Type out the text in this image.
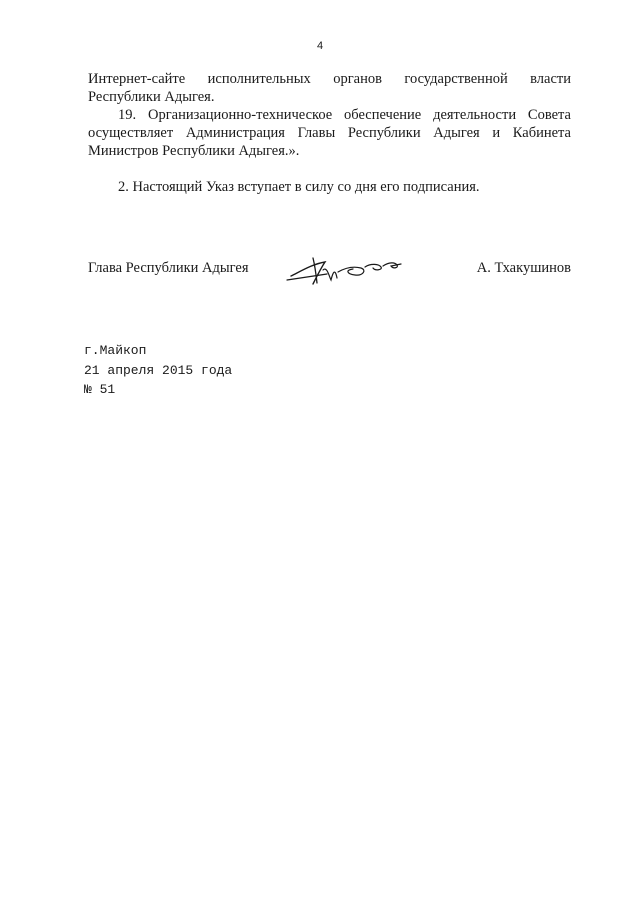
4

Интернет-сайте исполнительных органов государственной власти Республики Адыгея.

19. Организационно-техническое обеспечение деятельности Совета осуществляет Администрация Главы Республики Адыгея и Кабинета Министров Республики Адыгея.».

2. Настоящий Указ вступает в силу со дня его подписания.

Глава Республики Адыгея	А. Тхакушинов
г.Майкоп
21 апреля 2015 года
№ 51
